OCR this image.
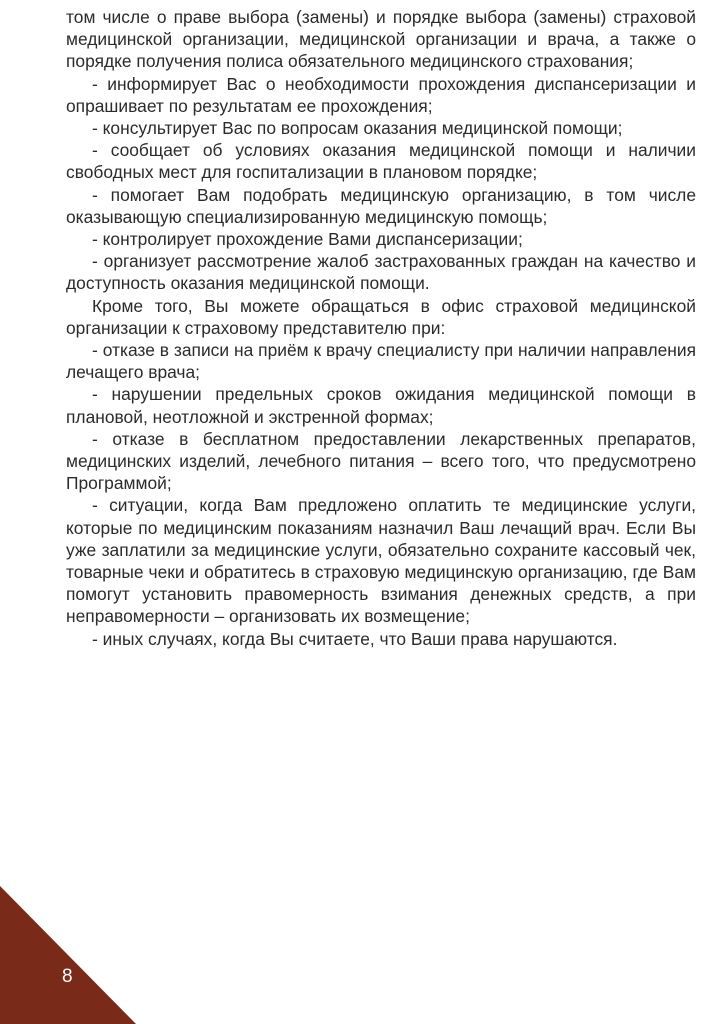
том числе о праве выбора (замены) и порядке выбора (замены) страховой медицинской организации, медицинской организации и врача, а также о порядке получения полиса обязательного медицинского страхования;

- информирует Вас о необходимости прохождения диспансеризации и опрашивает по результатам ее прохождения;

- консультирует Вас по вопросам оказания медицинской помощи;

- сообщает об условиях оказания медицинской помощи и наличии свободных мест для госпитализации в плановом порядке;

- помогает Вам подобрать медицинскую организацию, в том числе оказывающую специализированную медицинскую помощь;

- контролирует прохождение Вами диспансеризации;

- организует рассмотрение жалоб застрахованных граждан на качество и доступность оказания медицинской помощи.

Кроме того, Вы можете обращаться в офис страховой медицинской организации к страховому представителю при:

- отказе в записи на приём к врачу специалисту при наличии направления лечащего врача;

- нарушении предельных сроков ожидания медицинской помощи в плановой, неотложной и экстренной формах;

- отказе в бесплатном предоставлении лекарственных препаратов, медицинских изделий, лечебного питания – всего того, что предусмотрено Программой;

- ситуации, когда Вам предложено оплатить те медицинские услуги, которые по медицинским показаниям назначил Ваш лечащий врач. Если Вы уже заплатили за медицинские услуги, обязательно сохраните кассовый чек, товарные чеки и обратитесь в страховую медицинскую организацию, где Вам помогут установить правомерность взимания денежных средств, а при неправомерности – организовать их возмещение;

- иных случаях, когда Вы считаете, что Ваши права нарушаются.

8
